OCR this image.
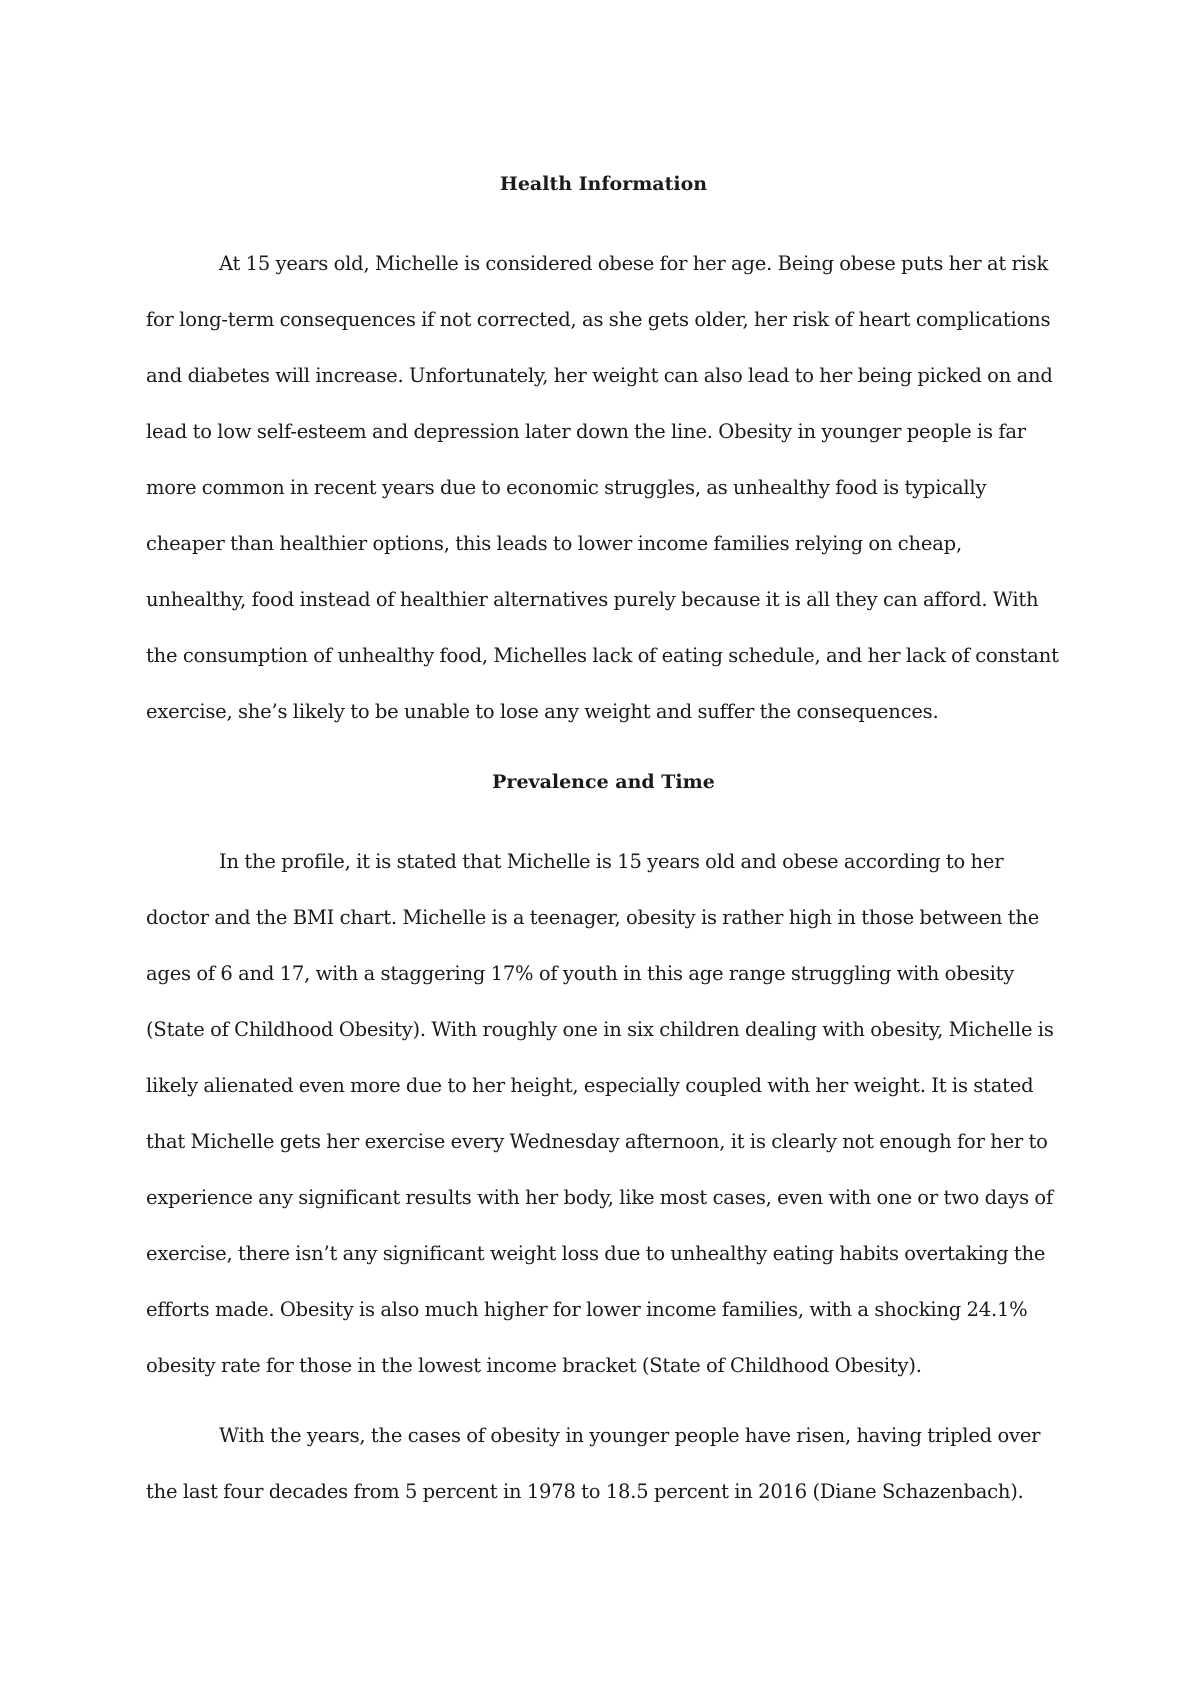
Health Information

At 15 years old, Michelle is considered obese for her age. Being obese puts her at risk for long-term consequences if not corrected, as she gets older, her risk of heart complications and diabetes will increase. Unfortunately, her weight can also lead to her being picked on and lead to low self-esteem and depression later down the line. Obesity in younger people is far more common in recent years due to economic struggles, as unhealthy food is typically cheaper than healthier options, this leads to lower income families relying on cheap, unhealthy, food instead of healthier alternatives purely because it is all they can afford. With the consumption of unhealthy food, Michelles lack of eating schedule, and her lack of constant exercise, she’s likely to be unable to lose any weight and suffer the consequences.

Prevalence and Time

In the profile, it is stated that Michelle is 15 years old and obese according to her doctor and the BMI chart. Michelle is a teenager, obesity is rather high in those between the ages of 6 and 17, with a staggering 17% of youth in this age range struggling with obesity (State of Childhood Obesity). With roughly one in six children dealing with obesity, Michelle is likely alienated even more due to her height, especially coupled with her weight. It is stated that Michelle gets her exercise every Wednesday afternoon, it is clearly not enough for her to experience any significant results with her body, like most cases, even with one or two days of exercise, there isn’t any significant weight loss due to unhealthy eating habits overtaking the efforts made. Obesity is also much higher for lower income families, with a shocking 24.1% obesity rate for those in the lowest income bracket (State of Childhood Obesity).

With the years, the cases of obesity in younger people have risen, having tripled over the last four decades from 5 percent in 1978 to 18.5 percent in 2016 (Diane Schazenbach).
